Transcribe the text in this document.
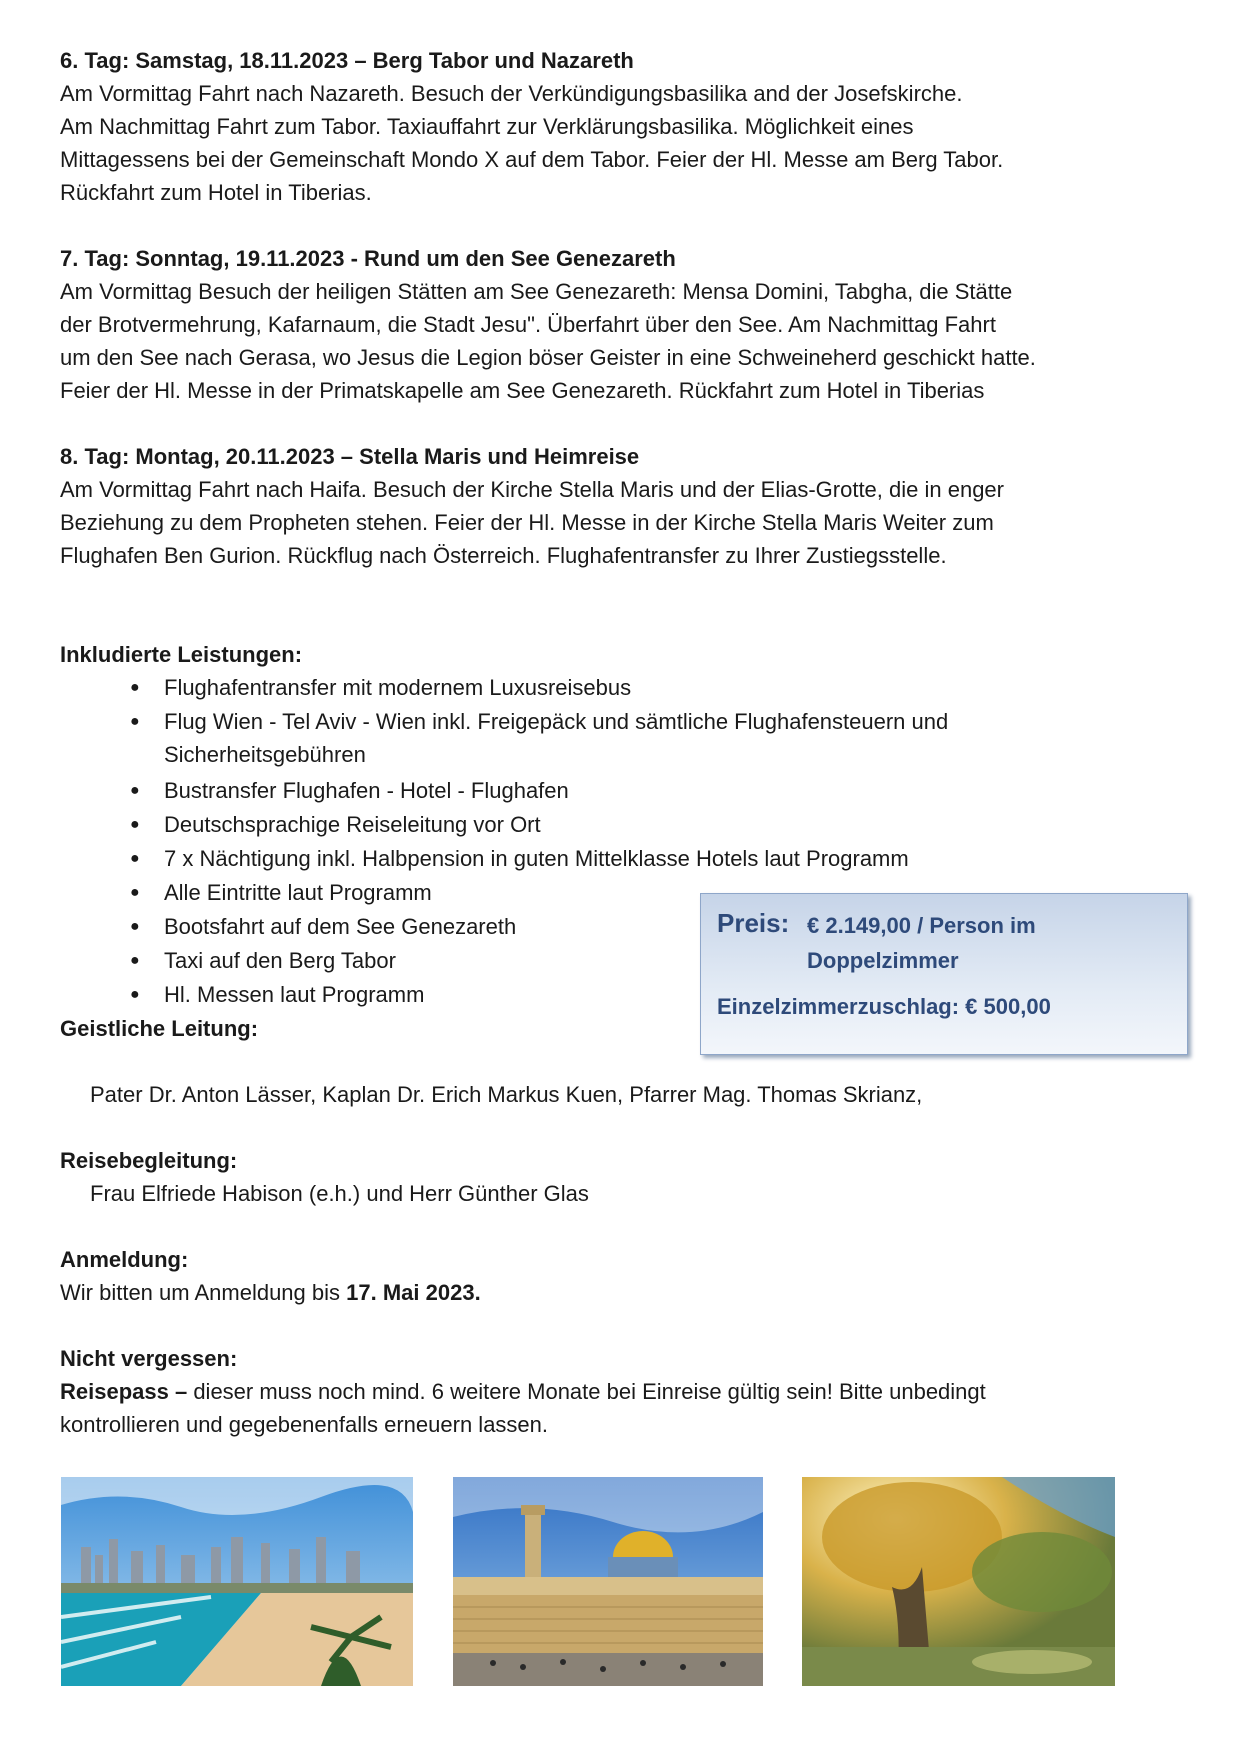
6. Tag: Samstag, 18.11.2023 – Berg Tabor und Nazareth

Am Vormittag Fahrt nach Nazareth. Besuch der Verkündigungsbasilika and der Josefskirche.

Am Nachmittag Fahrt zum Tabor. Taxiauffahrt zur Verklärungsbasilika. Möglichkeit eines

Mittagessens bei der Gemeinschaft Mondo X auf dem Tabor. Feier der Hl. Messe am Berg Tabor.

Rückfahrt zum Hotel in Tiberias.

7. Tag: Sonntag, 19.11.2023 - Rund um den See Genezareth

Am Vormittag Besuch der heiligen Stätten am See Genezareth: Mensa Domini, Tabgha, die Stätte

der Brotvermehrung, Kafarnaum, die Stadt Jesu". Überfahrt über den See. Am Nachmittag Fahrt

um den See nach Gerasa, wo Jesus die Legion böser Geister in eine Schweineherd geschickt hatte.

Feier der Hl. Messe in der Primatskapelle am See Genezareth. Rückfahrt zum Hotel in Tiberias

8. Tag: Montag, 20.11.2023 – Stella Maris und Heimreise

Am Vormittag Fahrt nach Haifa. Besuch der Kirche Stella Maris und der Elias-Grotte, die in enger

Beziehung zu dem Propheten stehen. Feier der Hl. Messe in der Kirche Stella Maris Weiter zum

Flughafen Ben Gurion. Rückflug nach Österreich. Flughafentransfer zu Ihrer Zustiegsstelle.

Inkludierte Leistungen:

● Flughafentransfer mit modernem Luxusreisebus
● Flug Wien - Tel Aviv - Wien inkl. Freigepäck und sämtliche Flughafensteuern und Sicherheitsgebühren
● Bustransfer Flughafen - Hotel - Flughafen
● Deutschsprachige Reiseleitung vor Ort
● 7 x Nächtigung inkl. Halbpension in guten Mittelklasse Hotels laut Programm
● Alle Eintritte laut Programm
● Bootsfahrt auf dem See Genezareth
● Taxi auf den Berg Tabor
● Hl. Messen laut Programm

Geistliche Leitung:

Pater Dr. Anton Lässer, Kaplan Dr. Erich Markus Kuen, Pfarrer Mag. Thomas Skrianz,

Reisebegleitung:

Frau Elfriede Habison (e.h.) und Herr Günther Glas

Anmeldung:

Wir bitten um Anmeldung bis 17. Mai 2023.

Nicht vergessen:

Reisepass – dieser muss noch mind. 6 weitere Monate bei Einreise gültig sein! Bitte unbedingt

kontrollieren und gegebenenfalls erneuern lassen.

Preis: € 2.149,00 / Person im
Doppelzimmer
Einzelzimmerzuschlag: € 500,00
